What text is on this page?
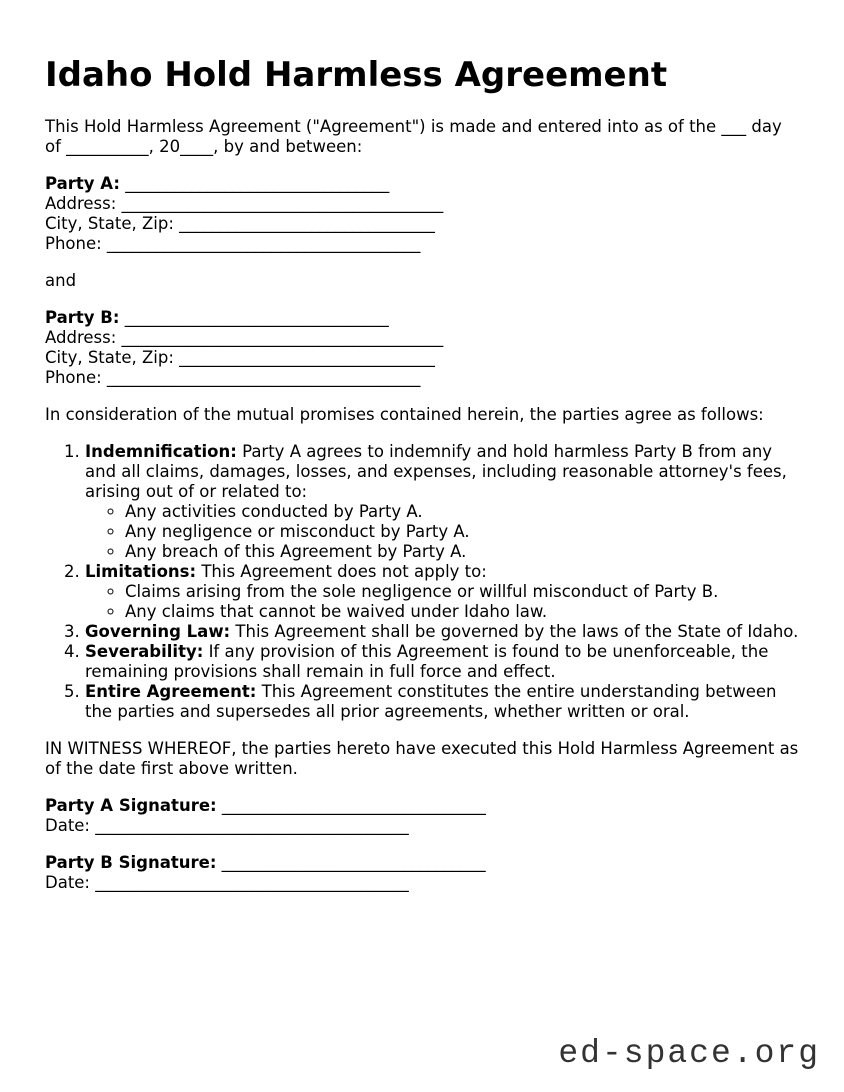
Idaho Hold Harmless Agreement

This Hold Harmless Agreement ("Agreement") is made and entered into as of the ___ day of __________, 20____, by and between:

Party A: ________________________________
Address: _______________________________________
City, State, Zip: _______________________________
Phone: ______________________________________

and

Party B: ________________________________
Address: _______________________________________
City, State, Zip: _______________________________
Phone: ______________________________________

In consideration of the mutual promises contained herein, the parties agree as follows:

1. Indemnification: Party A agrees to indemnify and hold harmless Party B from any and all claims, damages, losses, and expenses, including reasonable attorney's fees, arising out of or related to:
◦ Any activities conducted by Party A.
◦ Any negligence or misconduct by Party A.
◦ Any breach of this Agreement by Party A.
2. Limitations: This Agreement does not apply to:
◦ Claims arising from the sole negligence or willful misconduct of Party B.
◦ Any claims that cannot be waived under Idaho law.
3. Governing Law: This Agreement shall be governed by the laws of the State of Idaho.
4. Severability: If any provision of this Agreement is found to be unenforceable, the remaining provisions shall remain in full force and effect.
5. Entire Agreement: This Agreement constitutes the entire understanding between the parties and supersedes all prior agreements, whether written or oral.

IN WITNESS WHEREOF, the parties hereto have executed this Hold Harmless Agreement as of the date first above written.

Party A Signature: ________________________________
Date: ______________________________________
Party B Signature: ________________________________
Date: ______________________________________
ed-space.org
